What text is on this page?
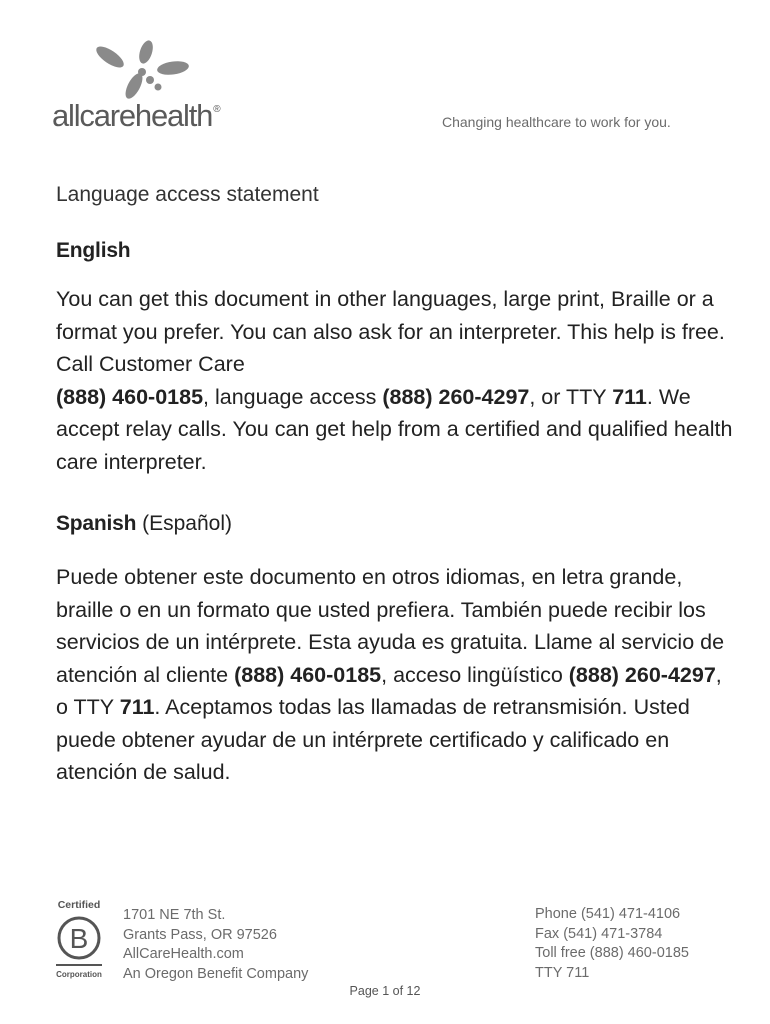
allcarehealth®
Changing healthcare to work for you.
Language access statement
English
You can get this document in other languages, large print, Braille or a format you prefer. You can also ask for an interpreter. This help is free. Call Customer Care
(888) 460-0185, language access (888) 260-4297, or TTY 711. We accept relay calls. You can get help from a certified and qualified health care interpreter.
Spanish (Español)
Puede obtener este documento en otros idiomas, en letra grande, braille o en un formato que usted prefiera. También puede recibir los servicios de un intérprete. Esta ayuda es gratuita. Llame al servicio de atención al cliente (888) 460-0185, acceso lingüístico (888) 260-4297, o TTY 711. Aceptamos todas las llamadas de retransmisión. Usted puede obtener ayudar de un intérprete certificado y calificado en atención de salud.
Certified
B
Corporation
1701 NE 7th St.
Grants Pass, OR 97526
AllCareHealth.com
An Oregon Benefit Company
Phone (541) 471-4106
Fax (541) 471-3784
Toll free (888) 460-0185
TTY 711
Page 1 of 12
